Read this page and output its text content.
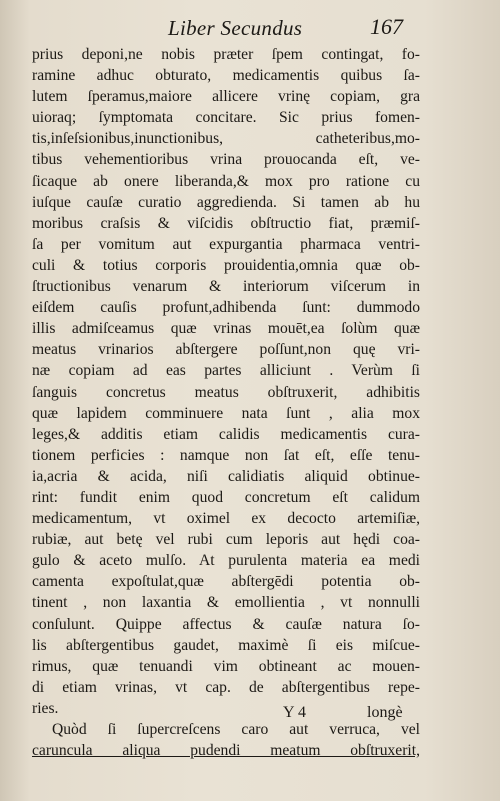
Liber Secundus	167
prius deponi,ne nobis præter ſpem contingat, fo-
ramine adhuc obturato, medicamentis quibus ſa-
lutem ſperamus,maiore allicere vrinę copiam, gra
uioraq; ſymptomata concitare. Sic prius fomen-
tis,inſeſsionibus,inunctionibus, catheteribus,mo-
tibus vehementioribus vrina prouocanda eſt, ve-
ſicaque ab onere liberanda,& mox pro ratione cu
iuſque cauſæ curatio aggredienda. Si tamen ab hu
moribus craſsis & viſcidis obſtructio fiat, præmiſ-
ſa per vomitum aut expurgantia pharmaca ventri-
culi & totius corporis prouidentia,omnia quæ ob-
ſtructionibus venarum & interiorum viſcerum in
eiſdem cauſis profunt,adhibenda ſunt: dummodo
illis admiſceamus quæ vrinas mouēt,ea ſolùm quæ
meatus vrinarios abſtergere poſſunt,non quę vri-
næ copiam ad eas partes alliciunt . Verùm ſi
ſanguis concretus meatus obſtruxerit, adhibitis
quæ lapidem comminuere nata ſunt , alia mox
leges,& additis etiam calidis medicamentis cura-
tionem perficies : namque non ſat eſt, eſſe tenu-
ia,acria & acida, niſi calidiatis aliquid obtinue-
rint: fundit enim quod concretum eſt calidum
medicamentum, vt oximel ex decocto artemiſiæ,
rubiæ, aut betę vel rubi cum leporis aut hędi coa-
gulo & aceto mulſo. At purulenta materia ea medi
camenta expoſtulat,quæ abſtergēdi potentia ob-
tinent , non laxantia & emollientia , vt nonnulli
conſulunt. Quippe affectus & cauſæ natura ſo-
lis abſtergentibus gaudet, maximè ſi eis miſcue-
rimus, quæ tenuandi vim obtineant ac mouen-
di etiam vrinas, vt cap. de abſtergentibus repe-
ries.
Quòd ſi ſupercreſcens caro aut verruca, vel
caruncula aliqua pudendi meatum obſtruxerit,
Y 4	longè
